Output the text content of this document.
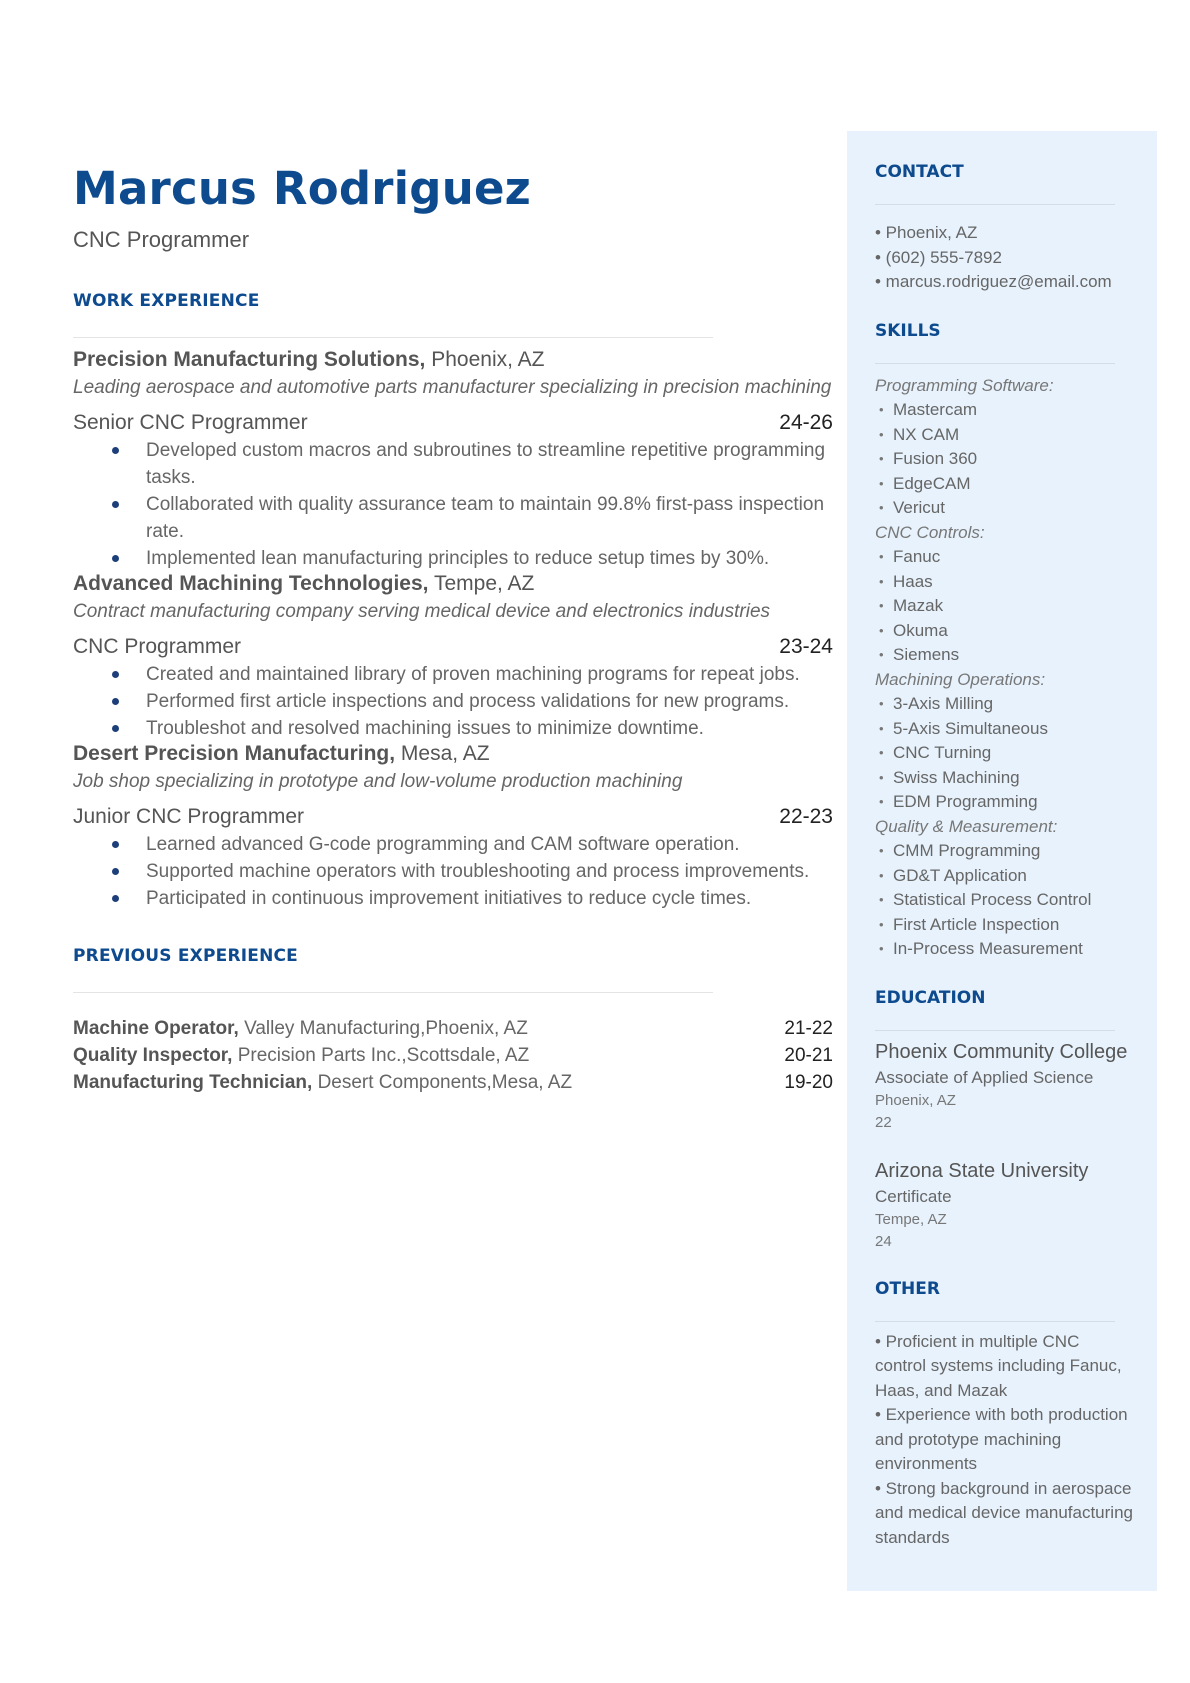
Marcus Rodriguez
CNC Programmer
WORK EXPERIENCE
Precision Manufacturing Solutions, Phoenix, AZ
Leading aerospace and automotive parts manufacturer specializing in precision machining
Senior CNC Programmer	24-26
Developed custom macros and subroutines to streamline repetitive programming tasks.
Collaborated with quality assurance team to maintain 99.8% first-pass inspection rate.
Implemented lean manufacturing principles to reduce setup times by 30%.
Advanced Machining Technologies, Tempe, AZ
Contract manufacturing company serving medical device and electronics industries
CNC Programmer	23-24
Created and maintained library of proven machining programs for repeat jobs.
Performed first article inspections and process validations for new programs.
Troubleshot and resolved machining issues to minimize downtime.
Desert Precision Manufacturing, Mesa, AZ
Job shop specializing in prototype and low-volume production machining
Junior CNC Programmer	22-23
Learned advanced G-code programming and CAM software operation.
Supported machine operators with troubleshooting and process improvements.
Participated in continuous improvement initiatives to reduce cycle times.
PREVIOUS EXPERIENCE
Machine Operator, Valley Manufacturing,Phoenix, AZ	21-22
Quality Inspector, Precision Parts Inc.,Scottsdale, AZ	20-21
Manufacturing Technician, Desert Components,Mesa, AZ	19-20
CONTACT
• Phoenix, AZ
• (602) 555-7892
• marcus.rodriguez@email.com
SKILLS
Programming Software:
• Mastercam
• NX CAM
• Fusion 360
• EdgeCAM
• Vericut
CNC Controls:
• Fanuc
• Haas
• Mazak
• Okuma
• Siemens
Machining Operations:
• 3-Axis Milling
• 5-Axis Simultaneous
• CNC Turning
• Swiss Machining
• EDM Programming
Quality & Measurement:
• CMM Programming
• GD&T Application
• Statistical Process Control
• First Article Inspection
• In-Process Measurement
EDUCATION
Phoenix Community College
Associate of Applied Science
Phoenix, AZ
22
Arizona State University
Certificate
Tempe, AZ
24
OTHER
• Proficient in multiple CNC control systems including Fanuc, Haas, and Mazak
• Experience with both production and prototype machining environments
• Strong background in aerospace and medical device manufacturing standards
